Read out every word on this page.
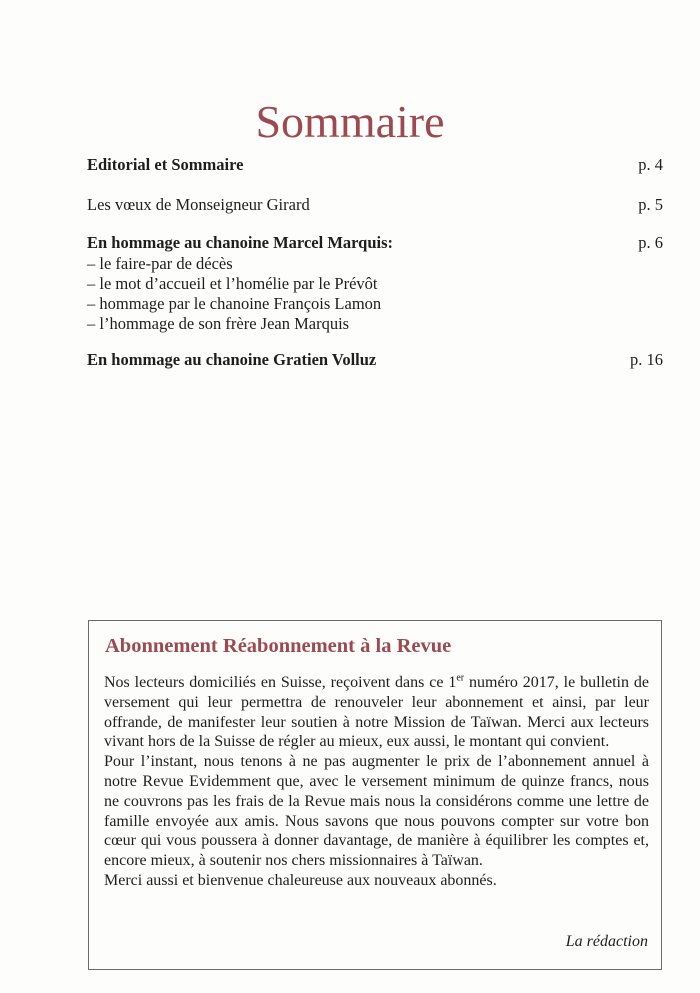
Sommaire
Editorial et Sommaire	p. 4
Les vœux de Monseigneur Girard	p. 5
En hommage au chanoine Marcel Marquis:	p. 6
– le faire-par de décès
– le mot d’accueil et l’homélie par le Prévôt
– hommage par le chanoine François Lamon
– l’hommage de son frère Jean Marquis
En hommage au chanoine Gratien Volluz	p. 16
Abonnement Réabonnement à la Revue

Nos lecteurs domiciliés en Suisse, reçoivent dans ce 1er numéro 2017, le bulletin de versement qui leur permettra de renouveler leur abonnement et ainsi, par leur offrande, de manifester leur soutien à notre Mission de Taïwan. Merci aux lecteurs vivant hors de la Suisse de régler au mieux, eux aussi, le montant qui convient.

Pour l’instant, nous tenons à ne pas augmenter le prix de l’abonnement annuel à notre Revue Evidemment que, avec le versement minimum de quinze francs, nous ne couvrons pas les frais de la Revue mais nous la considérons comme une lettre de famille envoyée aux amis. Nous savons que nous pouvons compter sur votre bon cœur qui vous poussera à donner davantage, de manière à équilibrer les comptes et, encore mieux, à soutenir nos chers missionnaires à Taïwan.

Merci aussi et bienvenue chaleureuse aux nouveaux abonnés.

La rédaction
